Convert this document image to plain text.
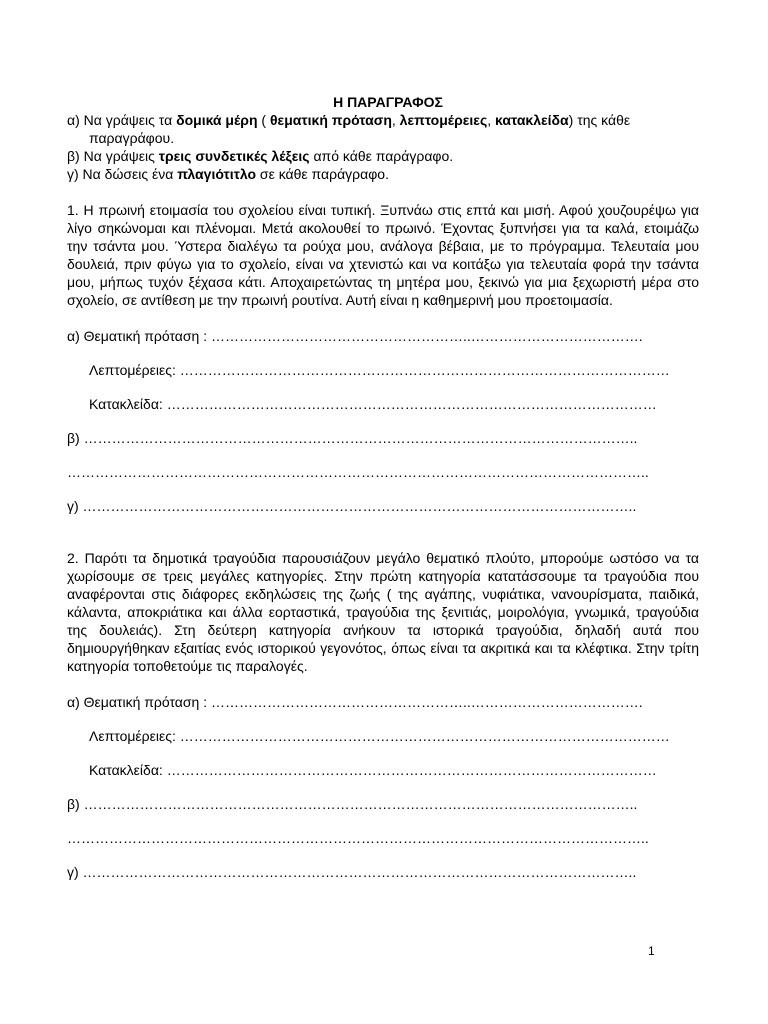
Η ΠΑΡΑΓΡΑΦΟΣ

α) Να γράψεις τα δομικά μέρη ( θεματική πρόταση, λεπτομέρειες, κατακλείδα) της κάθε
παραγράφου.

β) Να γράψεις τρεις συνδετικές λέξεις από κάθε παράγραφο.

γ) Να δώσεις ένα πλαγιότιτλο σε κάθε παράγραφο.

1. Η πρωινή ετοιμασία του σχολείου είναι τυπική. Ξυπνάω στις επτά και μισή. Αφού χουζουρέψω για λίγο σηκώνομαι και πλένομαι. Μετά ακολουθεί το πρωινό. Έχοντας ξυπνήσει για τα καλά, ετοιμάζω την τσάντα μου. Ύστερα διαλέγω τα ρούχα μου, ανάλογα βέβαια, με το πρόγραμμα. Τελευταία μου δουλειά, πριν φύγω για το σχολείο, είναι να χτενιστώ και να κοιτάξω για τελευταία φορά την τσάντα μου, μήπως τυχόν ξέχασα κάτι. Αποχαιρετώντας τη μητέρα μου, ξεκινώ για μια ξεχωριστή μέρα στο σχολείο, σε αντίθεση με την πρωινή ρουτίνα. Αυτή είναι η καθημερινή μου προετοιμασία.

α) Θεματική πρόταση : ………………………………………………..……………………………….

Λεπτομέρειες: ……………………………………………………………………………………………

Κατακλείδα: ……………………………………………………………………………………………

β) ………………………………………………………………………………………………………..

……………………………………………………………………………………………………………..

γ) ………………………………………………………………………………………………………..

2. Παρότι τα δημοτικά τραγούδια παρουσιάζουν μεγάλο θεματικό πλούτο, μπορούμε ωστόσο να τα χωρίσουμε σε τρεις μεγάλες κατηγορίες. Στην πρώτη κατηγορία κατατάσσουμε τα τραγούδια που αναφέρονται στις διάφορες εκδηλώσεις της ζωής ( της αγάπης, νυφιάτικα, νανουρίσματα, παιδικά, κάλαντα, αποκριάτικα και άλλα εορταστικά, τραγούδια της ξενιτιάς, μοιρολόγια, γνωμικά, τραγούδια της δουλειάς). Στη δεύτερη κατηγορία ανήκουν τα ιστορικά τραγούδια, δηλαδή αυτά που δημιουργήθηκαν εξαιτίας ενός ιστορικού γεγονότος, όπως είναι τα ακριτικά και τα κλέφτικα. Στην τρίτη κατηγορία τοποθετούμε τις παραλογές.

α) Θεματική πρόταση : ………………………………………………..……………………………….

Λεπτομέρειες: ……………………………………………………………………………………………

Κατακλείδα: ……………………………………………………………………………………………

β) ………………………………………………………………………………………………………..

……………………………………………………………………………………………………………..

γ) ………………………………………………………………………………………………………..

1
